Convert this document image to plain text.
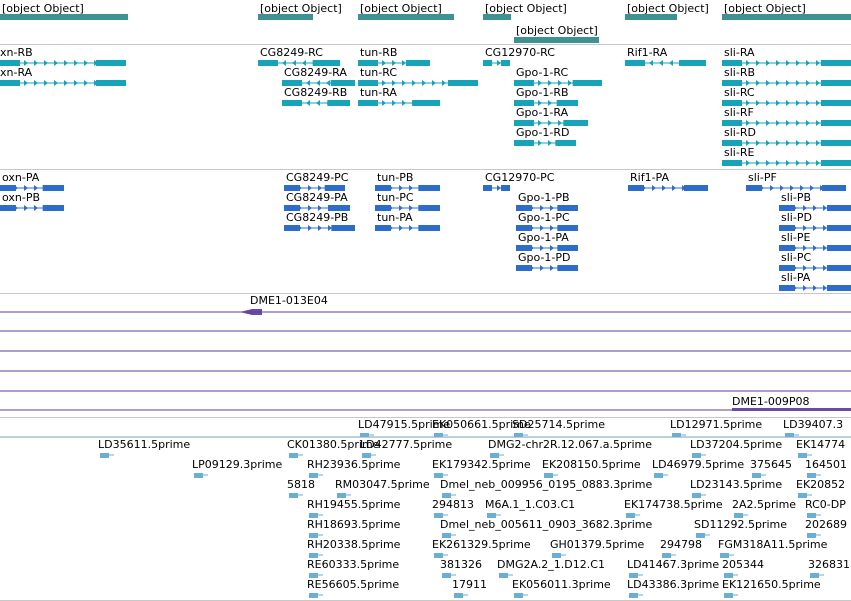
[object Object]	[object Object] [object Object]	[object Object]
[object Object]
[object Object] [object Object]
xn-RB
xn-RA
CG8249-RC
CG8249-RA
CG8249-RB
tun-RB
tun-RC
tun-RA
CG12970-RC
Gpo-1-RC
Gpo-1-RB
Gpo-1-RA
Gpo-1-RD
Rif1-RA	sli-RA
sli-RB
sli-RC
sli-RF
sli-RD
sli-RE
oxn-PA
oxn-PB
CG8249-PC
CG8249-PA
CG8249-PB
tun-PB
tun-PC
tun-PA
CG12970-PC
Gpo-1-PB
Gpo-1-PC
Gpo-1-PA
Gpo-1-PD
Rif1-PA	sli-PF
sli-PB
sli-PD
sli-PE
sli-PC
sli-PA
DME1-013E04
DME1-009P08
LD47915.5prime
EK050661.5prime
SD25714.5prime	LD12971.5prime LD39407.3
LD35611.5prime	CK01380.5prime
LD42777.5prime	DMG2-chr2R.12.067.a.5prime	LD37204.5prime EK14774
LP09129.3prime RH23936.5prime	EK179342.5prime EK208150.5prime LD46979.5prime 375645 164501
5818 RM03047.5prime Dmel_neb_009956_0195_0883.3prime	LD23143.5prime EK20852
RH19455.5prime	294813 M6A.1_1.C03.C1	EK174738.5prime 2A2.5prime RC0-DP
RH18693.5prime	Dmel_neb_005611_0903_3682.3prime	SD11292.5prime 202689
RH20338.5prime	EK261329.5prime GH01379.5prime 294798 FGM318A11.5prime
RE60333.5prime	381326 DMG2A.2_1.D12.C1 LD41467.3prime 205344	326831
RE56605.5prime	17911 EK056011.3prime LD43386.3prime EK121650.5prime
